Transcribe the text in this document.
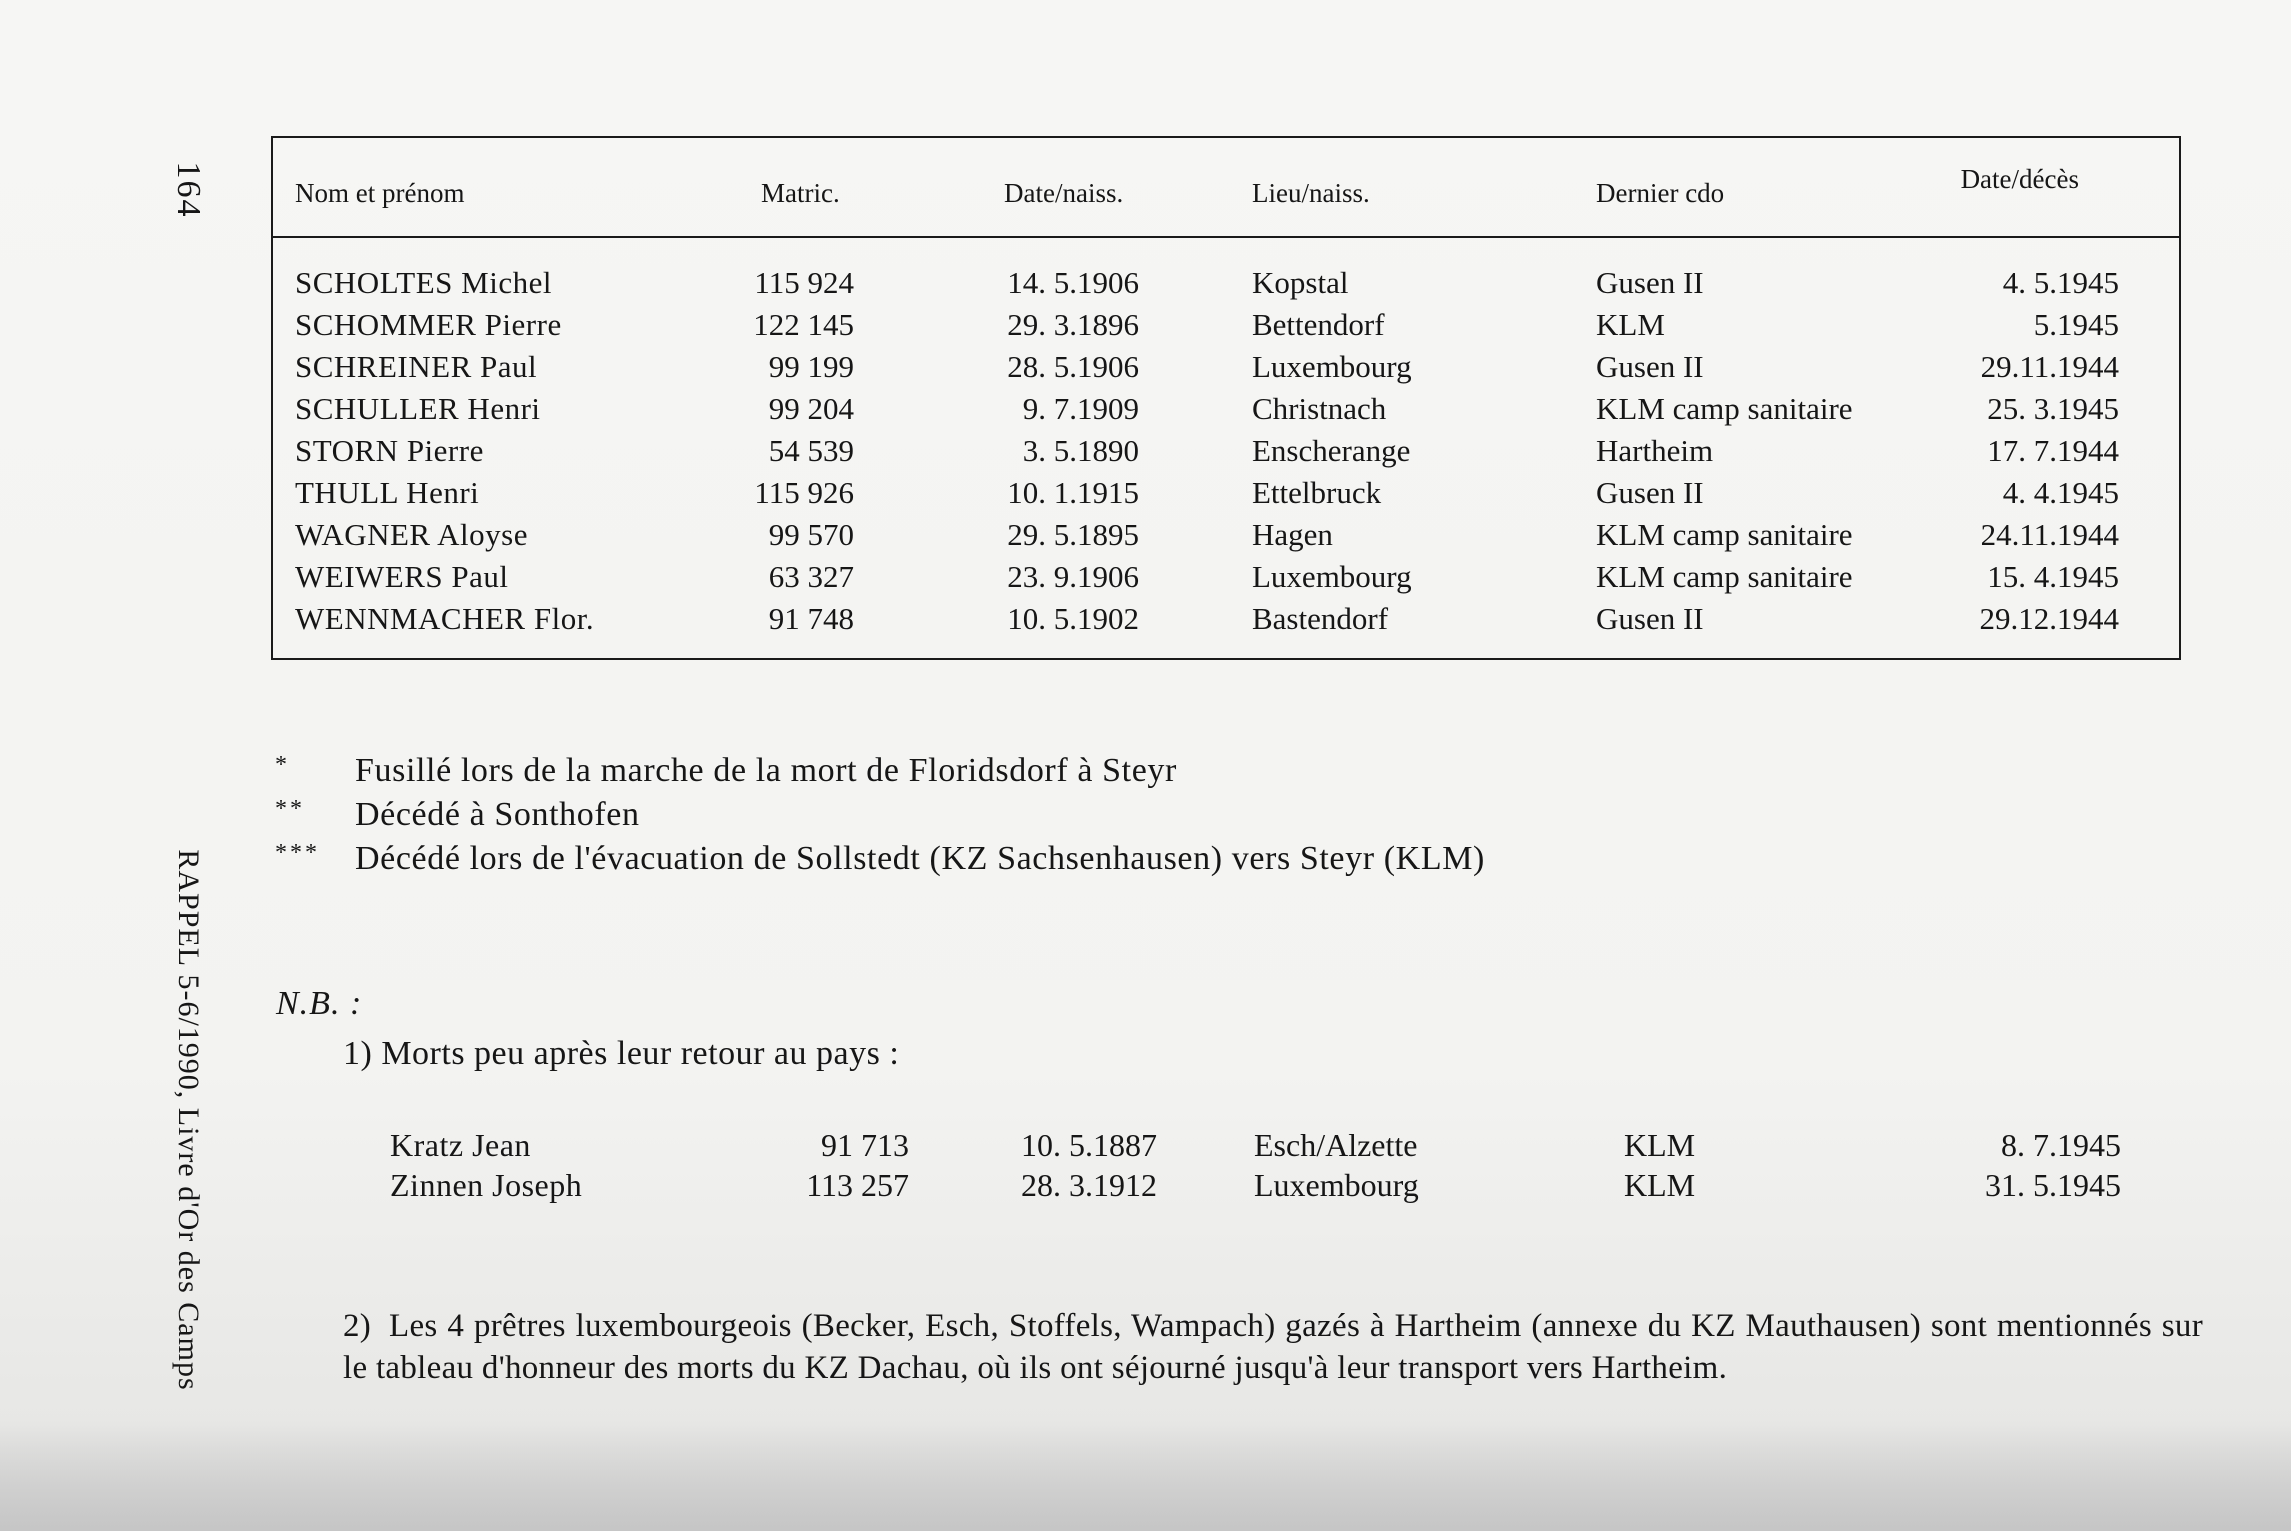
164
RAPPEL 5-6/1990, Livre d'Or des Camps
Nom et prénom	Matric.	Date/naiss.	Lieu/naiss.	Dernier cdo	Date/décès
SCHOLTES Michel	115 924	14. 5.1906	Kopstal	Gusen II	4. 5.1945
SCHOMMER Pierre	122 145	29. 3.1896	Bettendorf	KLM	5.1945
SCHREINER Paul	99 199	28. 5.1906	Luxembourg	Gusen II	29.11.1944
SCHULLER Henri	99 204	9. 7.1909	Christnach	KLM camp sanitaire	25. 3.1945
STORN Pierre	54 539	3. 5.1890	Enscherange	Hartheim	17. 7.1944
THULL Henri	115 926	10. 1.1915	Ettelbruck	Gusen II	4. 4.1945
WAGNER Aloyse	99 570	29. 5.1895	Hagen	KLM camp sanitaire	24.11.1944
WEIWERS Paul	63 327	23. 9.1906	Luxembourg	KLM camp sanitaire	15. 4.1945
WENNMACHER Flor.	91 748	10. 5.1902	Bastendorf	Gusen II	29.12.1944
* Fusillé lors de la marche de la mort de Floridsdorf à Steyr
** Décédé à Sonthofen
*** Décédé lors de l'évacuation de Sollstedt (KZ Sachsenhausen) vers Steyr (KLM)
N.B. :
1) Morts peu après leur retour au pays :
Kratz Jean	91 713	10. 5.1887	Esch/Alzette	KLM	8. 7.1945
Zinnen Joseph	113 257	28. 3.1912	Luxembourg	KLM	31. 5.1945
2) Les 4 prêtres luxembourgeois (Becker, Esch, Stoffels, Wampach) gazés à Hartheim (annexe du KZ Mauthausen) sont mentionnés sur le tableau d'honneur des morts du KZ Dachau, où ils ont séjourné jusqu'à leur transport vers Hartheim.
